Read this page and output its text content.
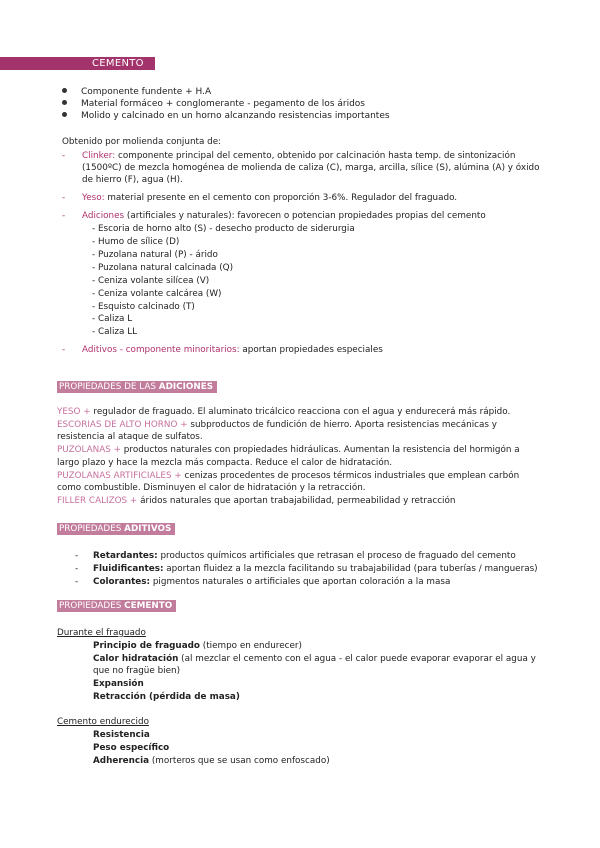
CEMENTO
Componente fundente + H.A
Material formáceo + conglomerante - pegamento de los áridos
Molido y calcinado en un horno alcanzando resistencias importantes
Obtenido por molienda conjunta de:
- Clinker: componente principal del cemento, obtenido por calcinación hasta temp. de sintonización
(1500ºC) de mezcla homogénea de molienda de caliza (C), marga, arcilla, sílice (S), alúmina (A) y óxido
de hierro (F), agua (H).
- Yeso: material presente en el cemento con proporción 3-6%. Regulador del fraguado.
- Adiciones (artificiales y naturales): favorecen o potencian propiedades propias del cemento
- Escoria de horno alto (S) - desecho producto de siderurgia
- Humo de sílice (D)
- Puzolana natural (P) - árido
- Puzolana natural calcinada (Q)
- Ceniza volante silícea (V)
- Ceniza volante calcárea (W)
- Esquisto calcinado (T)
- Caliza L
- Caliza LL
- Aditivos - componente minoritarios: aportan propiedades especiales
PROPIEDADES DE LAS ADICIONES
YESO + regulador de fraguado. El aluminato tricálcico reacciona con el agua y endurecerá más rápido.
ESCORIAS DE ALTO HORNO + subproductos de fundición de hierro. Aporta resistencias mecánicas y
resistencia al ataque de sulfatos.
PUZOLANAS + productos naturales con propiedades hidráulicas. Aumentan la resistencia del hormigón a
largo plazo y hace la mezcla más compacta. Reduce el calor de hidratación.
PUZOLANAS ARTIFICIALES + cenizas procedentes de procesos térmicos industriales que emplean carbón
como combustible. Disminuyen el calor de hidratación y la retracción.
FILLER CALIZOS + áridos naturales que aportan trabajabilidad, permeabilidad y retracción
PROPIEDADES ADITIVOS
- Retardantes: productos químicos artificiales que retrasan el proceso de fraguado del cemento
- Fluidificantes: aportan fluidez a la mezcla facilitando su trabajabilidad (para tuberías / mangueras)
- Colorantes: pigmentos naturales o artificiales que aportan coloración a la masa
PROPIEDADES CEMENTO
Durante el fraguado
Principio de fraguado (tiempo en endurecer)
Calor hidratación (al mezclar el cemento con el agua - el calor puede evaporar evaporar el agua y
que no fragüe bien)
Expansión
Retracción (pérdida de masa)
Cemento endurecido
Resistencia
Peso específico
Adherencia (morteros que se usan como enfoscado)
